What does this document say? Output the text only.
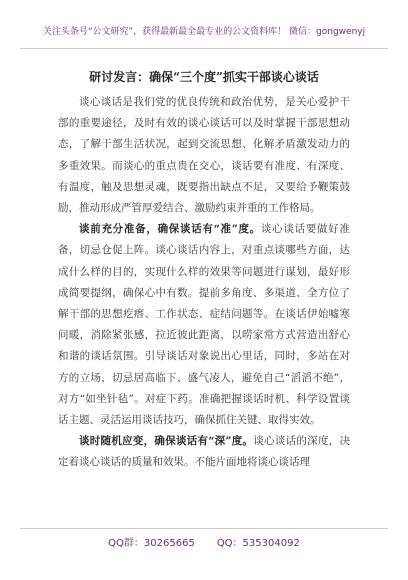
关注头条号“公文研究”，获得最新最全最专业的公文资料库！ 微信：gongwenyj
研讨发言：确保“三个度”抓实干部谈心谈话

谈心谈话是我们党的优良传统和政治优势，是关心爱护干部的重要途径，及时有效的谈心谈话可以及时掌握干部思想动态，了解干部生活状况，起到交流思想、化解矛盾激发动力的多重效果。而谈心的重点贵在交心，谈话要有准度、有深度、有温度，触及思想灵魂，既要指出缺点不足，又要给予鞭策鼓励，推动形成严管厚爱结合、激励约束并重的工作格局。

谈前充分准备，确保谈话有“准”度。谈心谈话要做好准备，切忌仓促上阵。谈心谈话内容上，对重点谈哪些方面，达成什么样的目的，实现什么样的效果等问题进行谋划，最好形成简要提纲，确保心中有数。提前多角度、多渠道、全方位了解干部的思想疙瘩、工作状态、症结问题等。在谈话伊始嘘寒问暖，消除紧张感，拉近彼此距离，以唠家常方式营造出舒心和谐的谈话氛围。引导谈话对象说出心里话，同时，多站在对方的立场，切忌居高临下、盛气凌人，避免自己“滔滔不绝”，对方“如坐针毡”。对症下药。准确把握谈话时机、科学设置谈话主题、灵活运用谈话技巧，确保抓住关键、取得实效。

谈时随机应变，确保谈话有“深”度。谈心谈话的深度，决定着谈心谈话的质量和效果。不能片面地将谈心谈话理

QQ群：30265665 QQ：535304092
